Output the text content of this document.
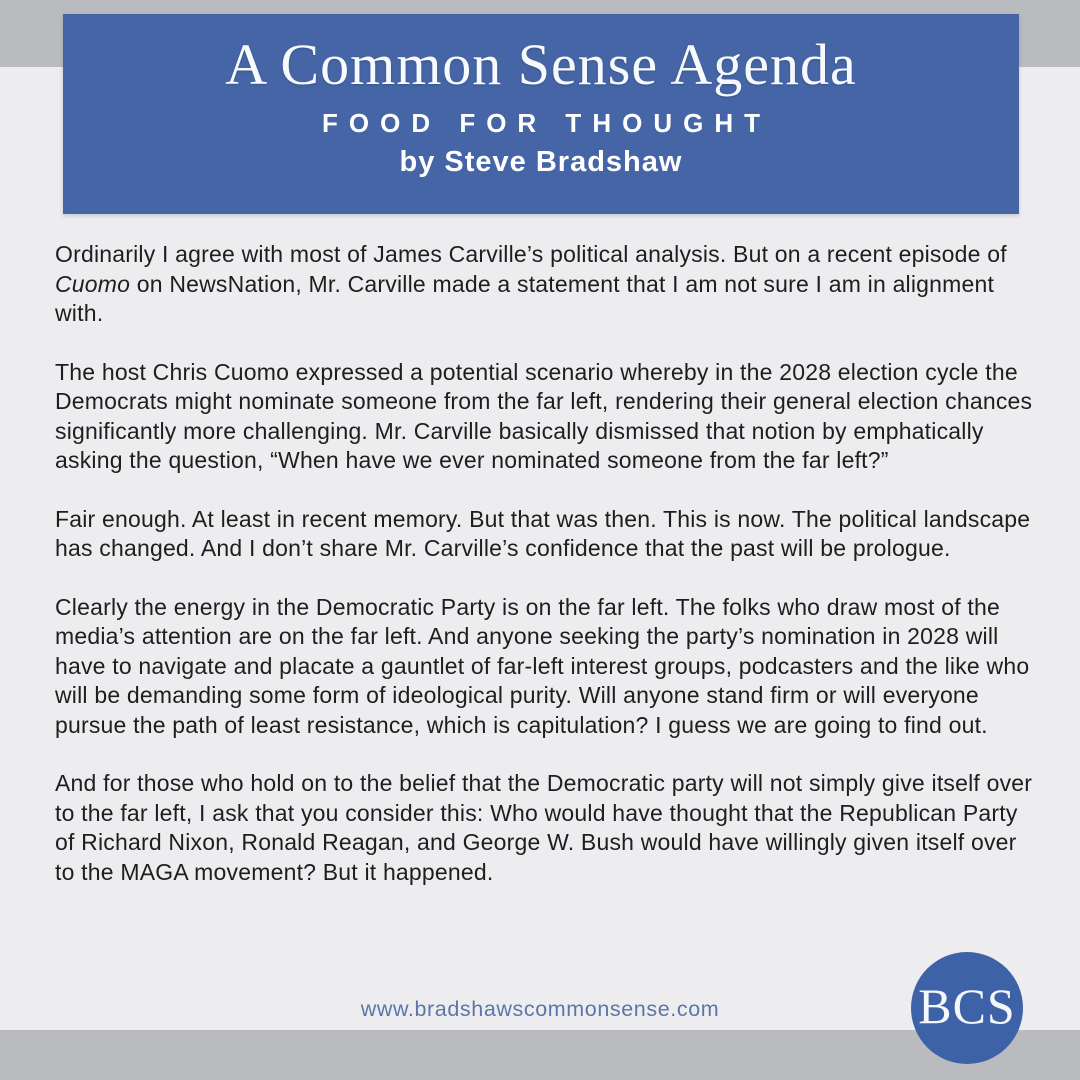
A Common Sense Agenda
FOOD FOR THOUGHT
by Steve Bradshaw

Ordinarily I agree with most of James Carville’s political analysis. But on a recent episode of Cuomo on NewsNation, Mr. Carville made a statement that I am not sure I am in alignment with.

The host Chris Cuomo expressed a potential scenario whereby in the 2028 election cycle the Democrats might nominate someone from the far left, rendering their general election chances significantly more challenging. Mr. Carville basically dismissed that notion by emphatically asking the question, “When have we ever nominated someone from the far left?”

Fair enough. At least in recent memory. But that was then. This is now. The political landscape has changed. And I don’t share Mr. Carville’s confidence that the past will be prologue.

Clearly the energy in the Democratic Party is on the far left. The folks who draw most of the media’s attention are on the far left. And anyone seeking the party’s nomination in 2028 will have to navigate and placate a gauntlet of far-left interest groups, podcasters and the like who will be demanding some form of ideological purity. Will anyone stand firm or will everyone pursue the path of least resistance, which is capitulation? I guess we are going to find out.

And for those who hold on to the belief that the Democratic party will not simply give itself over to the far left, I ask that you consider this: Who would have thought that the Republican Party of Richard Nixon, Ronald Reagan, and George W. Bush would have willingly given itself over to the MAGA movement? But it happened.

www.bradshawscommonsense.com	BCS
